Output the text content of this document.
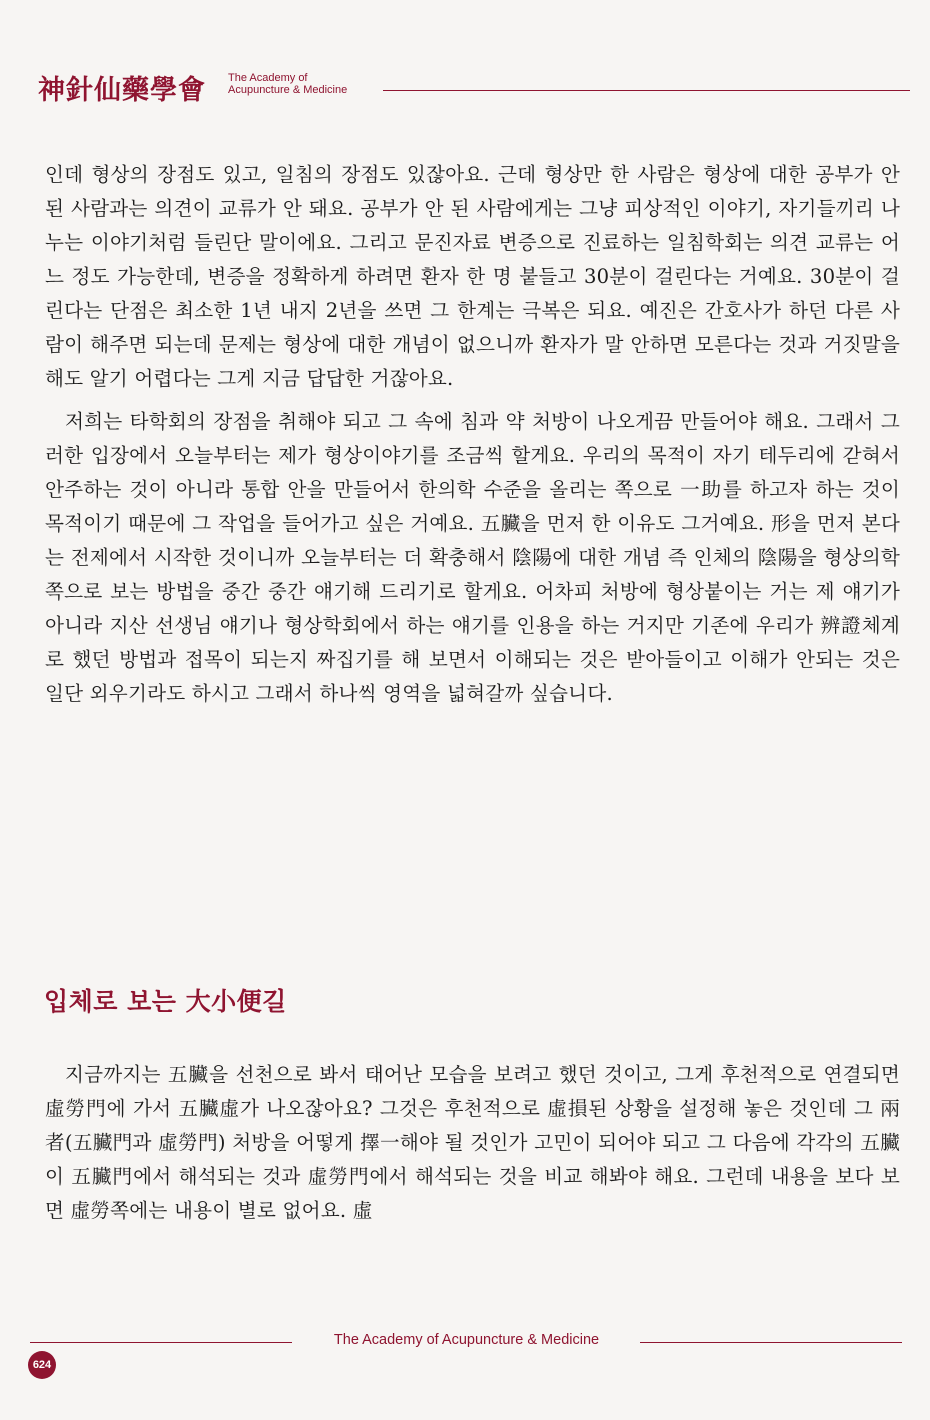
神針仙藥學會 The Academy of
Acupuncture & Medicine

인데 형상의 장점도 있고, 일침의 장점도 있잖아요. 근데 형상만 한 사람은 형상에 대한 공부가 안 된 사람과는 의견이 교류가 안 돼요. 공부가 안 된 사람에게는 그냥 피상적인 이야기, 자기들끼리 나누는 이야기처럼 들린단 말이에요. 그리고 문진자료 변증으로 진료하는 일침학회는 의견 교류는 어느 정도 가능한데, 변증을 정확하게 하려면 환자 한 명 붙들고 30분이 걸린다는 거예요. 30분이 걸린다는 단점은 최소한 1년 내지 2년을 쓰면 그 한계는 극복은 되요. 예진은 간호사가 하던 다른 사람이 해주면 되는데 문제는 형상에 대한 개념이 없으니까 환자가 말 안하면 모른다는 것과 거짓말을 해도 알기 어렵다는 그게 지금 답답한 거잖아요.

저희는 타학회의 장점을 취해야 되고 그 속에 침과 약 처방이 나오게끔 만들어야 해요. 그래서 그러한 입장에서 오늘부터는 제가 형상이야기를 조금씩 할게요. 우리의 목적이 자기 테두리에 갇혀서 안주하는 것이 아니라 통합 안을 만들어서 한의학 수준을 올리는 쪽으로 一助를 하고자 하는 것이 목적이기 때문에 그 작업을 들어가고 싶은 거예요. 五臟을 먼저 한 이유도 그거예요. 形을 먼저 본다는 전제에서 시작한 것이니까 오늘부터는 더 확충해서 陰陽에 대한 개념 즉 인체의 陰陽을 형상의학 쪽으로 보는 방법을 중간 중간 얘기해 드리기로 할게요. 어차피 처방에 형상붙이는 거는 제 얘기가 아니라 지산 선생님 얘기나 형상학회에서 하는 얘기를 인용을 하는 거지만 기존에 우리가 辨證체계로 했던 방법과 접목이 되는지 짜집기를 해 보면서 이해되는 것은 받아들이고 이해가 안되는 것은 일단 외우기라도 하시고 그래서 하나씩 영역을 넓혀갈까 싶습니다.

입체로 보는 大小便길

지금까지는 五臟을 선천으로 봐서 태어난 모습을 보려고 했던 것이고, 그게 후천적으로 연결되면 虛勞門에 가서 五臟虛가 나오잖아요? 그것은 후천적으로 虛損된 상황을 설정해 놓은 것인데 그 兩者(五臟門과 虛勞門) 처방을 어떻게 擇一해야 될 것인가 고민이 되어야 되고 그 다음에 각각의 五臟이 五臟門에서 해석되는 것과 虛勞門에서 해석되는 것을 비교 해봐야 해요. 그런데 내용을 보다 보면 虛勞쪽에는 내용이 별로 없어요. 虛

The Academy of Acupuncture & Medicine
624
